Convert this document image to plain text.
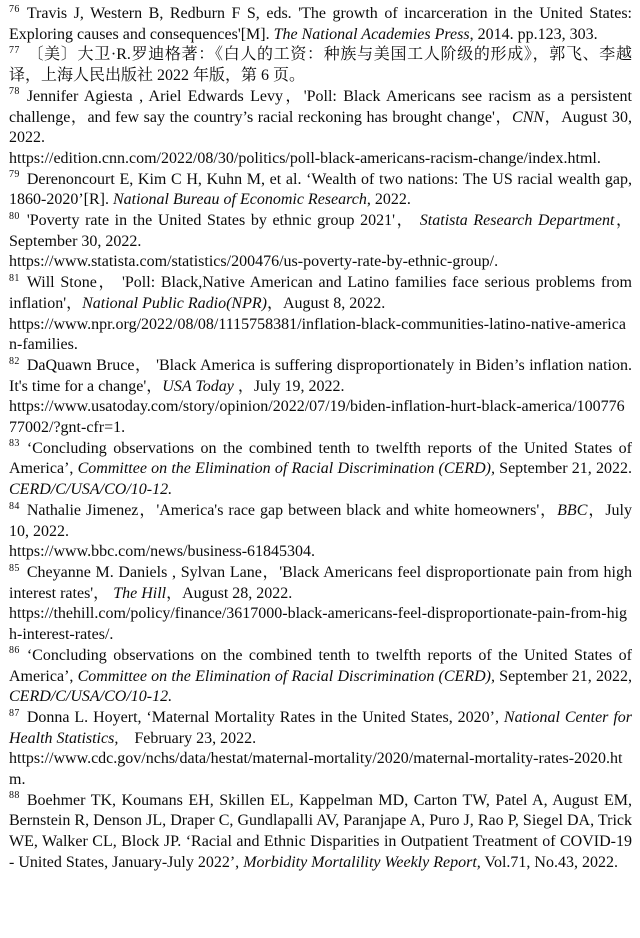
$^{76}$ Travis J, Western B, Redburn F S, eds. 'The growth of incarceration in the United States: Exploring causes and consequences'[M]. The National Academies Press, 2014. pp.123, 303.

$^{77}$ 〔美〕大卫·R.罗迪格著：《白人的工资：种族与美国工人阶级的形成》，郭飞、李越译，上海人民出版社 2022 年版，第 6 页。

$^{78}$ Jennifer Agiesta , Ariel Edwards Levy，'Poll: Black Americans see racism as a persistent challenge，and few say the country’s racial reckoning has brought change'，CNN，August 30, 2022.
https://edition.cnn.com/2022/08/30/politics/poll-black-americans-racism-change/index.html.

$^{79}$ Derenoncourt E, Kim C H, Kuhn M, et al. ‘Wealth of two nations: The US racial wealth gap, 1860-2020’[R]. National Bureau of Economic Research, 2022.

$^{80}$ 'Poverty rate in the United States by ethnic group 2021'， Statista Research Department，September 30, 2022.
https://www.statista.com/statistics/200476/us-poverty-rate-by-ethnic-group/.

$^{81}$ Will Stone， 'Poll: Black,Native American and Latino families face serious problems from inflation'，National Public Radio(NPR)，August 8, 2022.
https://www.npr.org/2022/08/08/1115758381/inflation-black-communities-latino-native-american-families.

$^{82}$ DaQuawn Bruce， 'Black America is suffering disproportionately in Biden’s inflation nation. It's time for a change'，USA Today ，July 19, 2022.
https://www.usatoday.com/story/opinion/2022/07/19/biden-inflation-hurt-black-america/10077677002/?gnt-cfr=1.

$^{83}$ ‘Concluding observations on the combined tenth to twelfth reports of the United States of America’, Committee on the Elimination of Racial Discrimination (CERD), September 21, 2022. CERD/C/USA/CO/10-12.

$^{84}$ Nathalie Jimenez，'America's race gap between black and white homeowners'，BBC，July 10, 2022.
https://www.bbc.com/news/business-61845304.

$^{85}$ Cheyanne M. Daniels , Sylvan Lane，'Black Americans feel disproportionate pain from high interest rates'， The Hill，August 28, 2022.
https://thehill.com/policy/finance/3617000-black-americans-feel-disproportionate-pain-from-high-interest-rates/.

$^{86}$ ‘Concluding observations on the combined tenth to twelfth reports of the United States of America’, Committee on the Elimination of Racial Discrimination (CERD), September 21, 2022, CERD/C/USA/CO/10-12.

$^{87}$ Donna L. Hoyert, ‘Maternal Mortality Rates in the United States, 2020’, National Center for Health Statistics,    February 23, 2022.
https://www.cdc.gov/nchs/data/hestat/maternal-mortality/2020/maternal-mortality-rates-2020.htm.

$^{88}$ Boehmer TK, Koumans EH, Skillen EL, Kappelman MD, Carton TW, Patel A, August EM, Bernstein R, Denson JL, Draper C, Gundlapalli AV, Paranjape A, Puro J, Rao P, Siegel DA, Trick WE, Walker CL, Block JP. ‘Racial and Ethnic Disparities in Outpatient Treatment of COVID-19 - United States, January-July 2022’, Morbidity Mortalility Weekly Report, Vol.71, No.43, 2022.
